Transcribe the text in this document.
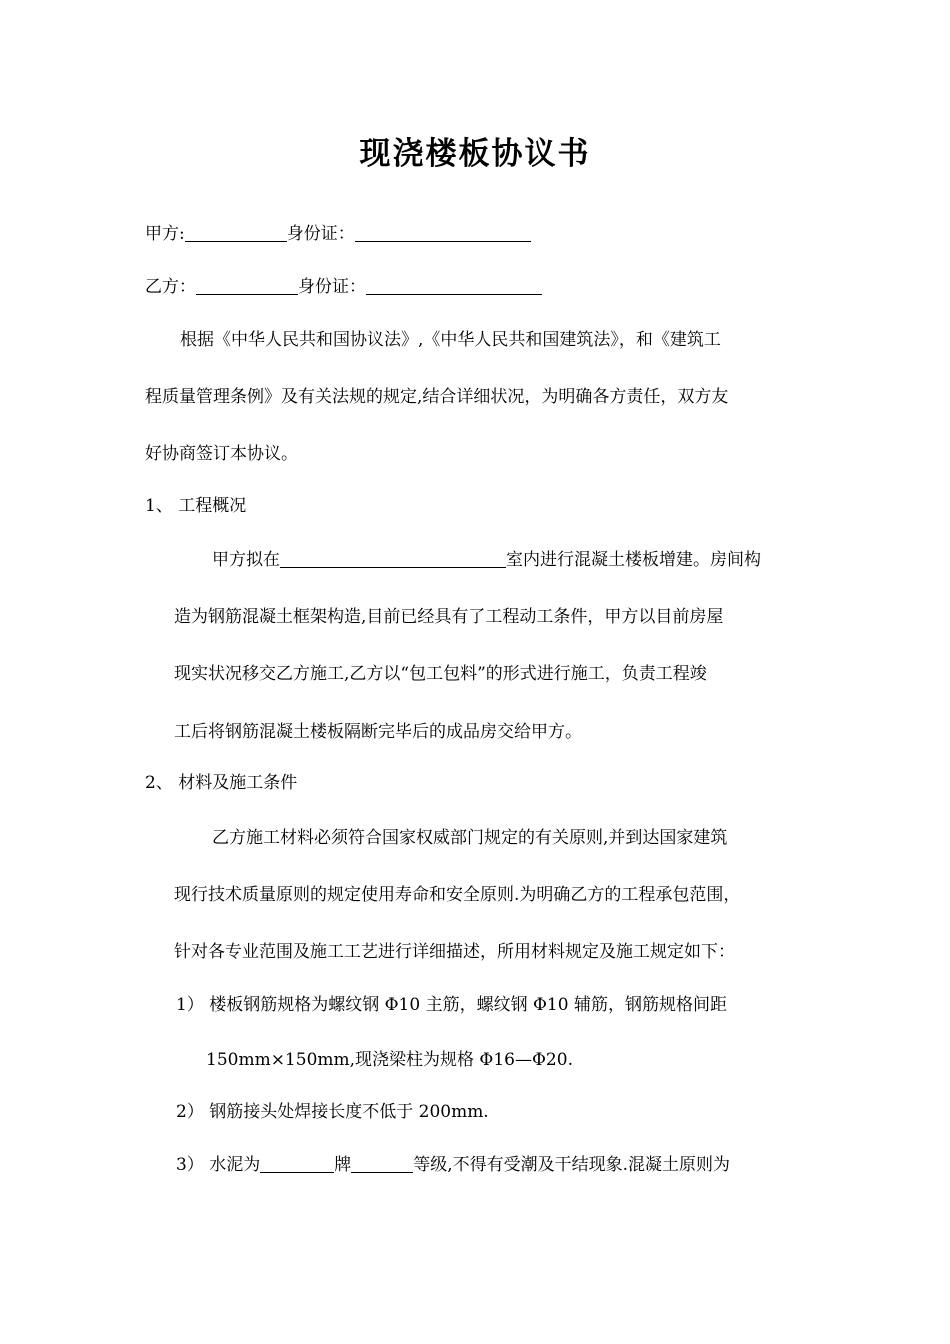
现浇楼板协议书
甲方:	身份证：
乙方：	身份证：
根据《中华人民共和国协议法》,《中华人民共和国建筑法》，和《建筑工
程质量管理条例》及有关法规的规定,结合详细状况，为明确各方责任，双方友
好协商签订本协议。
1、 工程概况
甲方拟在	室内进行混凝土楼板增建。房间构
造为钢筋混凝土框架构造,目前已经具有了工程动工条件，甲方以目前房屋
现实状况移交乙方施工,乙方以“包工包料”的形式进行施工，负责工程竣
工后将钢筋混凝土楼板隔断完毕后的成品房交给甲方。
2、 材料及施工条件
乙方施工材料必须符合国家权威部门规定的有关原则,并到达国家建筑
现行技术质量原则的规定使用寿命和安全原则.为明确乙方的工程承包范围，
针对各专业范围及施工工艺进行详细描述，所用材料规定及施工规定如下：
1） 楼板钢筋规格为螺纹钢 Φ10 主筋，螺纹钢 Φ10 辅筋，钢筋规格间距
150mm×150mm,现浇梁柱为规格 Φ16—Φ20.
2） 钢筋接头处焊接长度不低于 200mm.
3） 水泥为	牌	等级,不得有受潮及干结现象.混凝土原则为
